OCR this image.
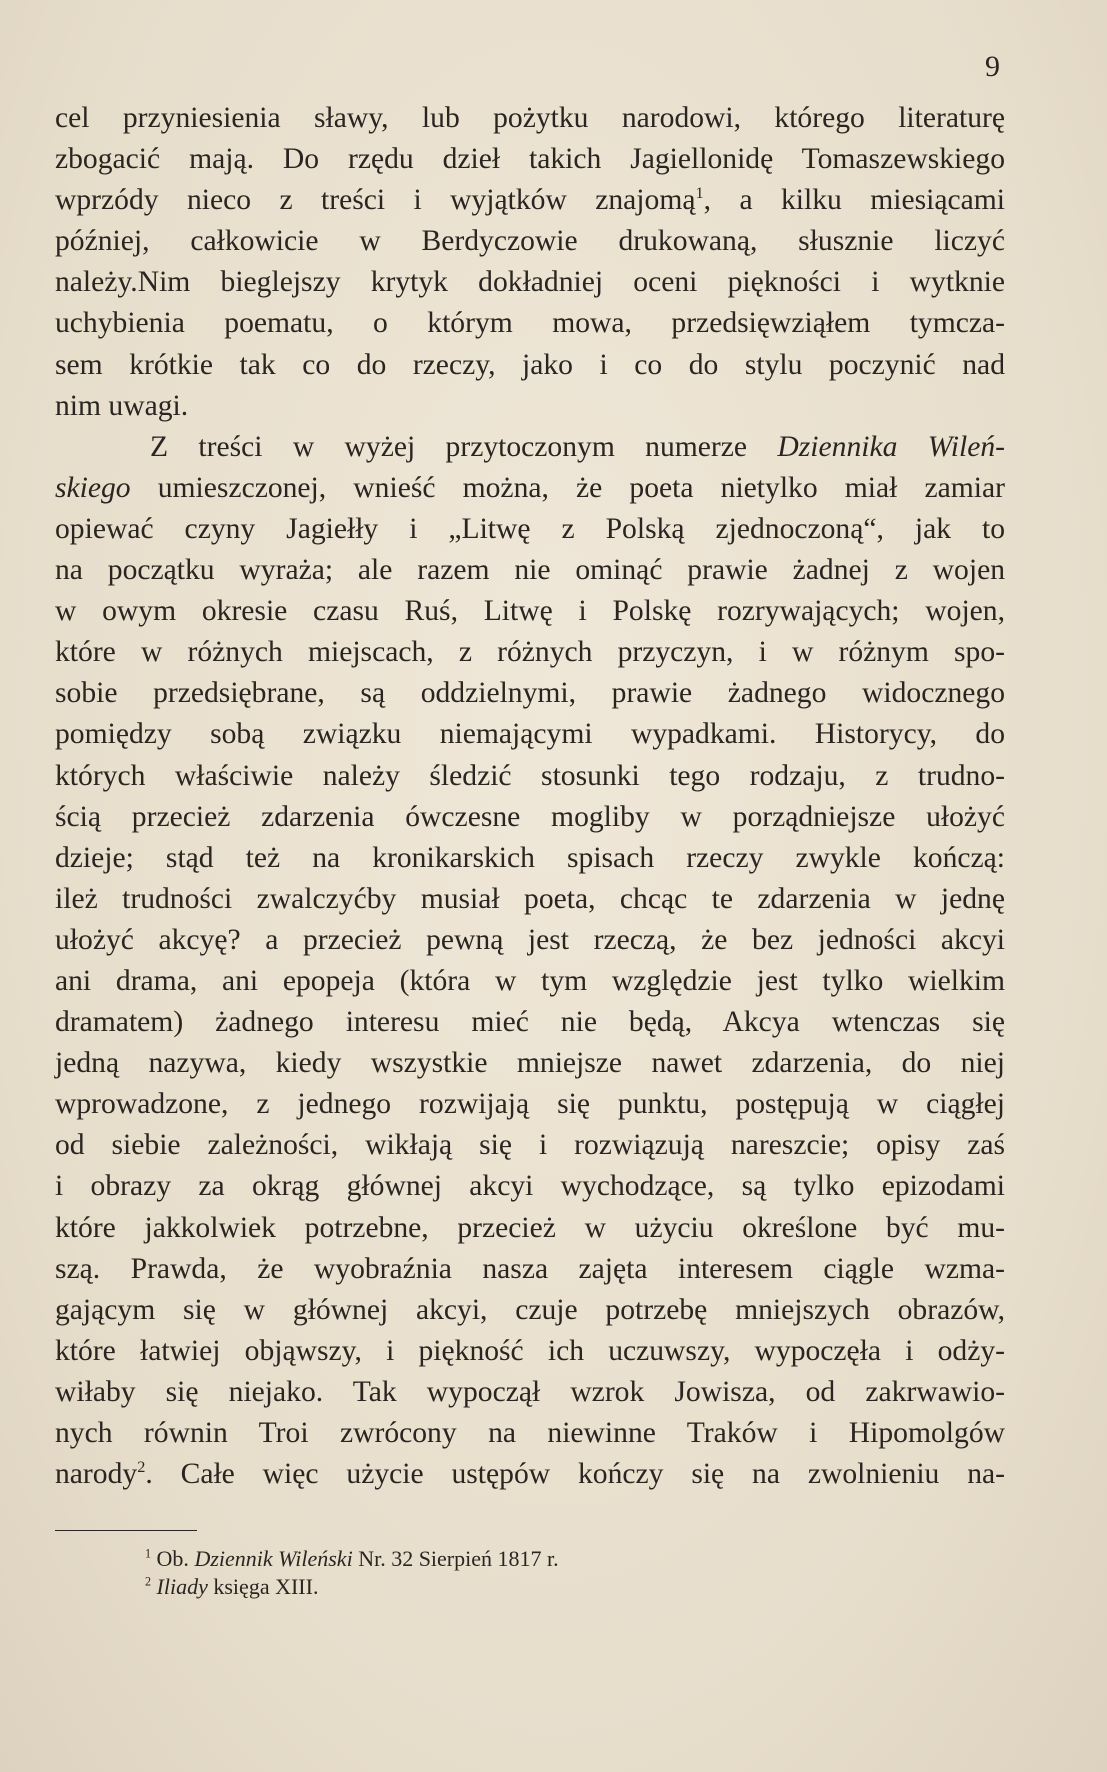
9
cel przyniesienia sławy, lub pożytku narodowi, którego literaturę
zbogacić mają. Do rzędu dzieł takich Jagiellonidę Tomaszewskiego
wprzódy nieco z treści i wyjątków znajomą$^1$, a kilku miesiącami
później, całkowicie w Berdyczowie drukowaną, słusznie liczyć
należy.Nim bieglejszy krytyk dokładniej oceni piękności i wytknie
uchybienia poematu, o którym mowa, przedsięwziąłem tymcza-
sem krótkie tak co do rzeczy, jako i co do stylu poczynić nad
nim uwagi.
Z treści w wyżej przytoczonym numerze Dziennika Wileń-
skiego umieszczonej, wnieść można, że poeta nietylko miał zamiar
opiewać czyny Jagiełły i „Litwę z Polską zjednoczoną“, jak to
na początku wyraża; ale razem nie ominąć prawie żadnej z wojen
w owym okresie czasu Ruś, Litwę i Polskę rozrywających; wojen,
które w różnych miejscach, z różnych przyczyn, i w różnym spo-
sobie przedsiębrane, są oddzielnymi, prawie żadnego widocznego
pomiędzy sobą związku niemającymi wypadkami. Historycy, do
których właściwie należy śledzić stosunki tego rodzaju, z trudno-
ścią przecież zdarzenia ówczesne mogliby w porządniejsze ułożyć
dzieje; stąd też na kronikarskich spisach rzeczy zwykle kończą:
ileż trudności zwalczyćby musiał poeta, chcąc te zdarzenia w jednę
ułożyć akcyę? a przecież pewną jest rzeczą, że bez jedności akcyi
ani drama, ani epopeja (która w tym względzie jest tylko wielkim
dramatem) żadnego interesu mieć nie będą, Akcya wtenczas się
jedną nazywa, kiedy wszystkie mniejsze nawet zdarzenia, do niej
wprowadzone, z jednego rozwijają się punktu, postępują w ciągłej
od siebie zależności, wikłają się i rozwiązują nareszcie; opisy zaś
i obrazy za okrąg głównej akcyi wychodzące, są tylko epizodami
które jakkolwiek potrzebne, przecież w użyciu określone być mu-
szą. Prawda, że wyobraźnia nasza zajęta interesem ciągle wzma-
gającym się w głównej akcyi, czuje potrzebę mniejszych obrazów,
które łatwiej objąwszy, i piękność ich uczuwszy, wypoczęła i odży-
wiłaby się niejako. Tak wypoczął wzrok Jowisza, od zakrwawio-
nych równin Troi zwrócony na niewinne Traków i Hipomolgów
narody$^2$. Całe więc użycie ustępów kończy się na zwolnieniu na-
$^1$ Ob. Dziennik Wileński Nr. 32 Sierpień 1817 r.
$^2$ Iliady księga XIII.
